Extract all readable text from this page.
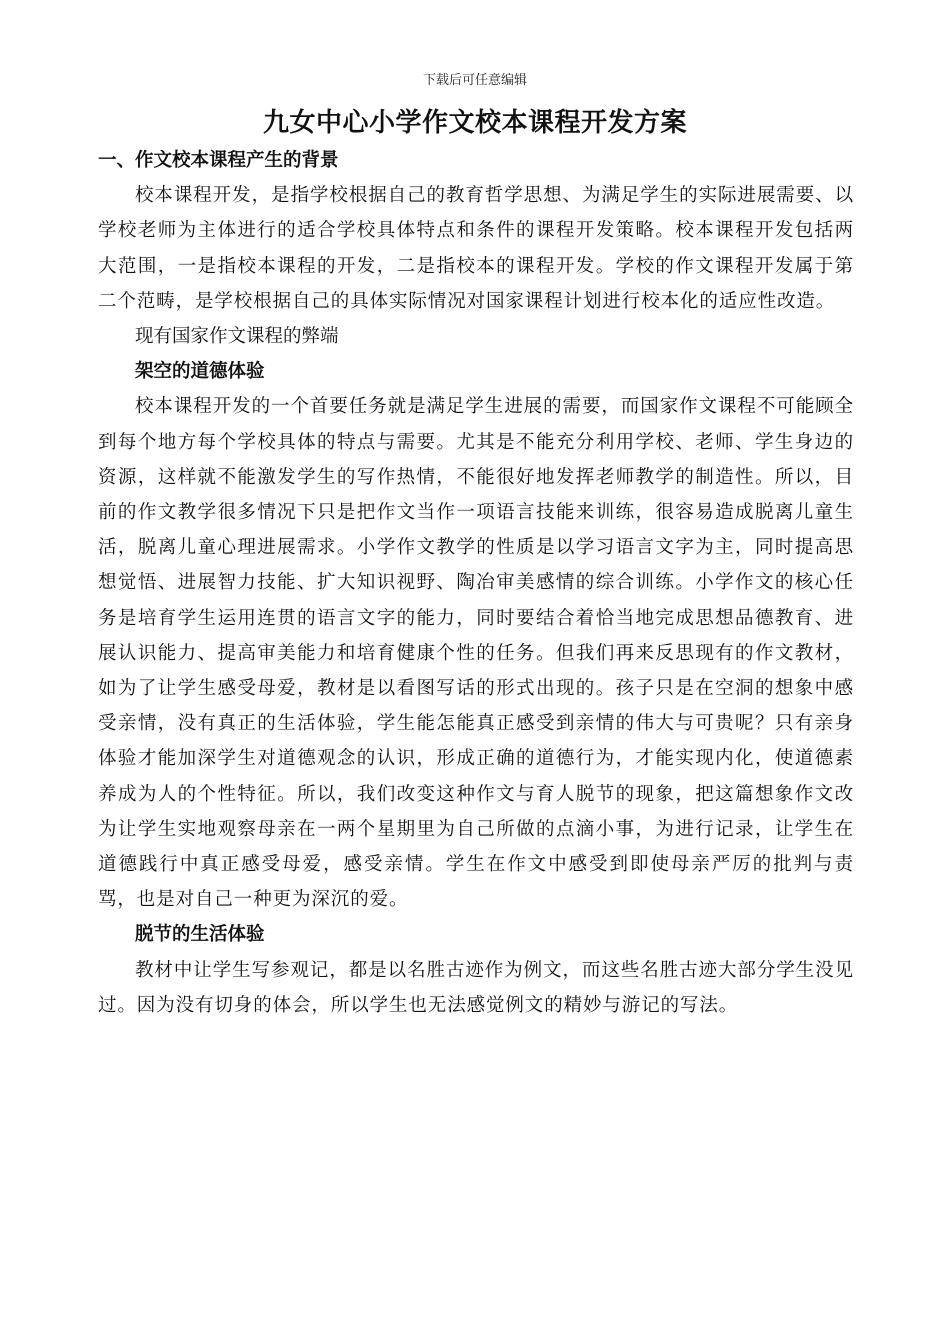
下载后可任意编辑
九女中心小学作文校本课程开发方案

一、作文校本课程产生的背景

校本课程开发，是指学校根据自己的教育哲学思想、为满足学生的实际进展需要、以学校老师为主体进行的适合学校具体特点和条件的课程开发策略。校本课程开发包括两大范围，一是指校本课程的开发，二是指校本的课程开发。学校的作文课程开发属于第二个范畴，是学校根据自己的具体实际情况对国家课程计划进行校本化的适应性改造。

现有国家作文课程的弊端

架空的道德体验

校本课程开发的一个首要任务就是满足学生进展的需要，而国家作文课程不可能顾全到每个地方每个学校具体的特点与需要。尤其是不能充分利用学校、老师、学生身边的资源，这样就不能激发学生的写作热情，不能很好地发挥老师教学的制造性。所以，目前的作文教学很多情况下只是把作文当作一项语言技能来训练，很容易造成脱离儿童生活，脱离儿童心理进展需求。小学作文教学的性质是以学习语言文字为主，同时提高思想觉悟、进展智力技能、扩大知识视野、陶冶审美感情的综合训练。小学作文的核心任务是培育学生运用连贯的语言文字的能力，同时要结合着恰当地完成思想品德教育、进展认识能力、提高审美能力和培育健康个性的任务。但我们再来反思现有的作文教材，如为了让学生感受母爱，教材是以看图写话的形式出现的。孩子只是在空洞的想象中感受亲情，没有真正的生活体验，学生能怎能真正感受到亲情的伟大与可贵呢？只有亲身体验才能加深学生对道德观念的认识，形成正确的道德行为，才能实现内化，使道德素养成为人的个性特征。所以，我们改变这种作文与育人脱节的现象，把这篇想象作文改为让学生实地观察母亲在一两个星期里为自己所做的点滴小事，为进行记录，让学生在道德践行中真正感受母爱，感受亲情。学生在作文中感受到即使母亲严厉的批判与责骂，也是对自己一种更为深沉的爱。

脱节的生活体验

教材中让学生写参观记，都是以名胜古迹作为例文，而这些名胜古迹大部分学生没见过。因为没有切身的体会，所以学生也无法感觉例文的精妙与游记的写法。
